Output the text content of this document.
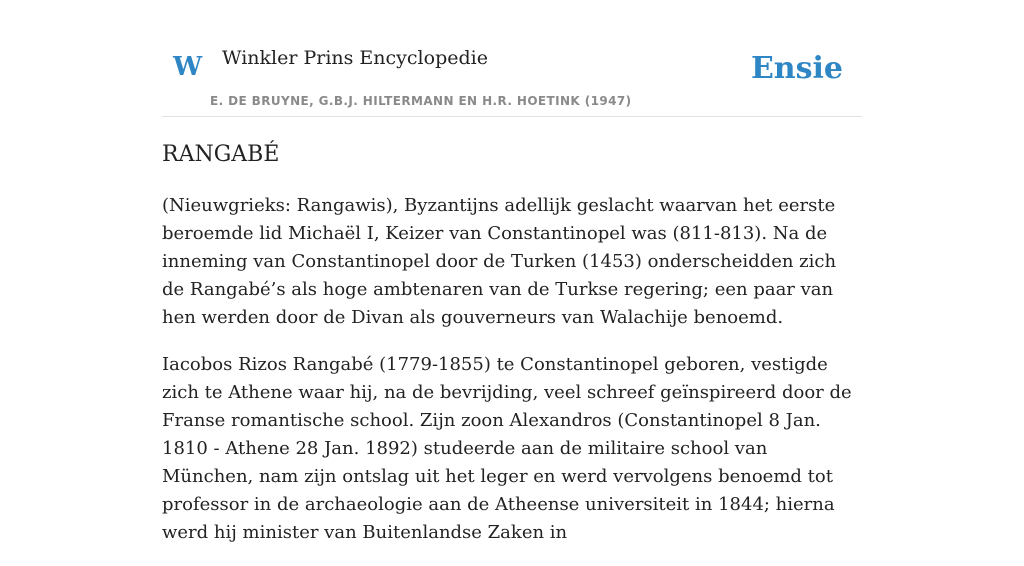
W Winkler Prins Encyclopedie
E. DE BRUYNE, G.B.J. HILTERMANN EN H.R. HOETINK (1947)
Ensie
RANGABÉ

(Nieuwgrieks: Rangawis), Byzantijns adellijk geslacht waarvan het eerste beroemde lid Michaël I, Keizer van Constantinopel was (811-813). Na de inneming van Constantinopel door de Turken (1453) onderscheidden zich de Rangabé’s als hoge ambtenaren van de Turkse regering; een paar van hen werden door de Divan als gouverneurs van Walachije benoemd.

Iacobos Rizos Rangabé (1779-1855) te Constantinopel geboren, vestigde zich te Athene waar hij, na de bevrijding, veel schreef geïnspireerd door de Franse romantische school. Zijn zoon Alexandros (Constantinopel 8 Jan. 1810 - Athene 28 Jan. 1892) studeerde aan de militaire school van München, nam zijn ontslag uit het leger en werd vervolgens benoemd tot professor in de archaeologie aan de Atheense universiteit in 1844; hierna werd hij minister van Buitenlandse Zaken in
